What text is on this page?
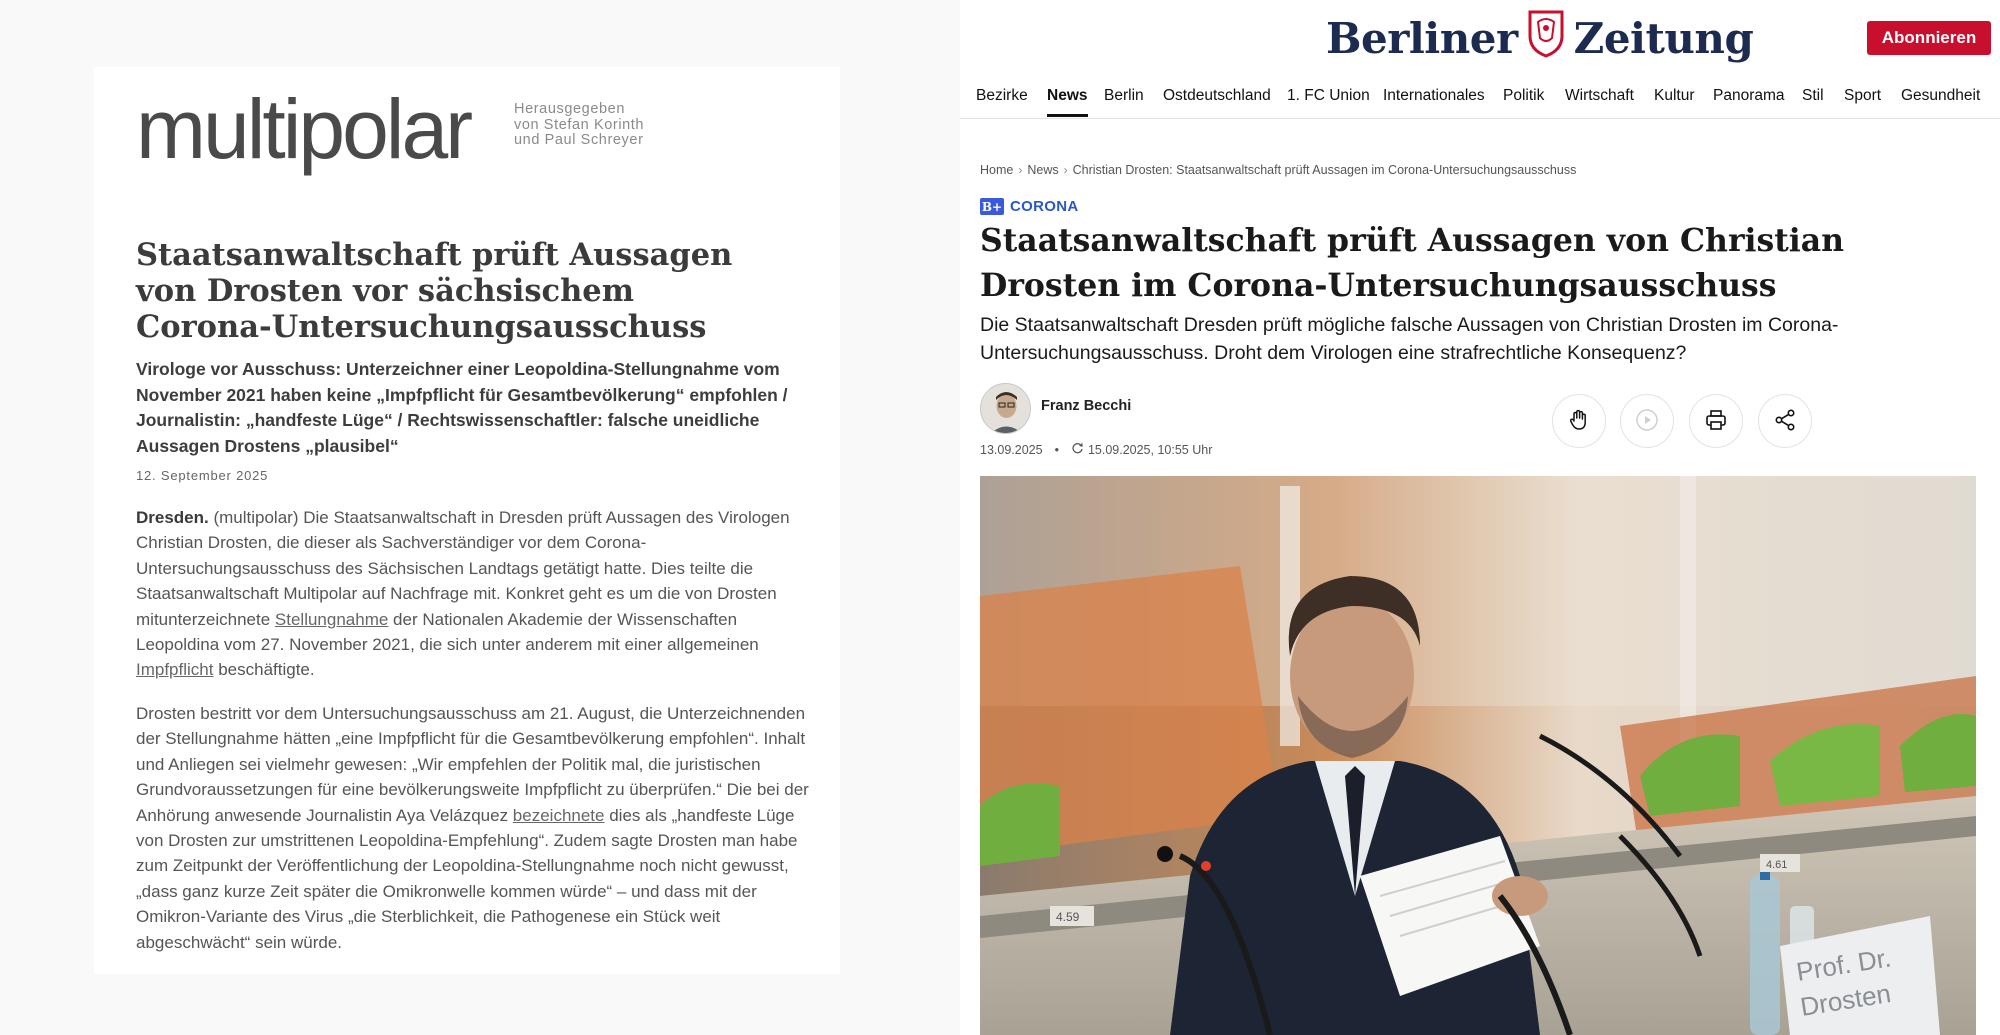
multipolar	Herausgegeben
von Stefan Korinth
und Paul Schreyer
Staatsanwaltschaft prüft Aussagen von Drosten vor sächsischem Corona-Untersuchungsausschuss
Virologe vor Ausschuss: Unterzeichner einer Leopoldina-Stellungnahme vom November 2021 haben keine „Impfpflicht für Gesamtbevölkerung“ empfohlen / Journalistin: „handfeste Lüge“ / Rechtswissenschaftler: falsche uneidliche Aussagen Drostens „plausibel“
12. September 2025

Dresden. (multipolar) Die Staatsanwaltschaft in Dresden prüft Aussagen des Virologen Christian Drosten, die dieser als Sachverständiger vor dem Corona-Untersuchungsausschuss des Sächsischen Landtags getätigt hatte. Dies teilte die Staatsanwaltschaft Multipolar auf Nachfrage mit. Konkret geht es um die von Drosten mitunterzeichnete Stellungnahme der Nationalen Akademie der Wissenschaften Leopoldina vom 27. November 2021, die sich unter anderem mit einer allgemeinen Impfpflicht beschäftigte.

Drosten bestritt vor dem Untersuchungsausschuss am 21. August, die Unterzeichnenden der Stellungnahme hätten „eine Impfpflicht für die Gesamtbevölkerung empfohlen“. Inhalt und Anliegen sei vielmehr gewesen: „Wir empfehlen der Politik mal, die juristischen Grundvoraussetzungen für eine bevölkerungsweite Impfpflicht zu überprüfen.“ Die bei der Anhörung anwesende Journalistin Aya Velázquez bezeichnete dies als „handfeste Lüge von Drosten zur umstrittenen Leopoldina-Empfehlung“. Zudem sagte Drosten man habe zum Zeitpunkt der Veröffentlichung der Leopoldina-Stellungnahme noch nicht gewusst, „dass ganz kurze Zeit später die Omikronwelle kommen würde“ – und dass mit der Omikron-Variante des Virus „die Sterblichkeit, die Pathogenese ein Stück weit abgeschwächt“ sein würde.

Berliner Zeitung	Abonnieren
Bezirke News Berlin Ostdeutschland 1. FC Union Internationales Politik Wirtschaft Kultur Panorama Stil Sport Gesundheit
Home › News › Christian Drosten: Staatsanwaltschaft prüft Aussagen im Corona-Untersuchungsausschuss
B+ CORONA
Staatsanwaltschaft prüft Aussagen von Christian Drosten im Corona-Untersuchungsausschuss

Die Staatsanwaltschaft Dresden prüft mögliche falsche Aussagen von Christian Drosten im Corona-Untersuchungsausschuss. Droht dem Virologen eine strafrechtliche Konsequenz?

Franz Becchi
13.09.2025 • 15.09.2025, 10:55 Uhr
Prof. Dr.
Drosten
4.59
4.61
